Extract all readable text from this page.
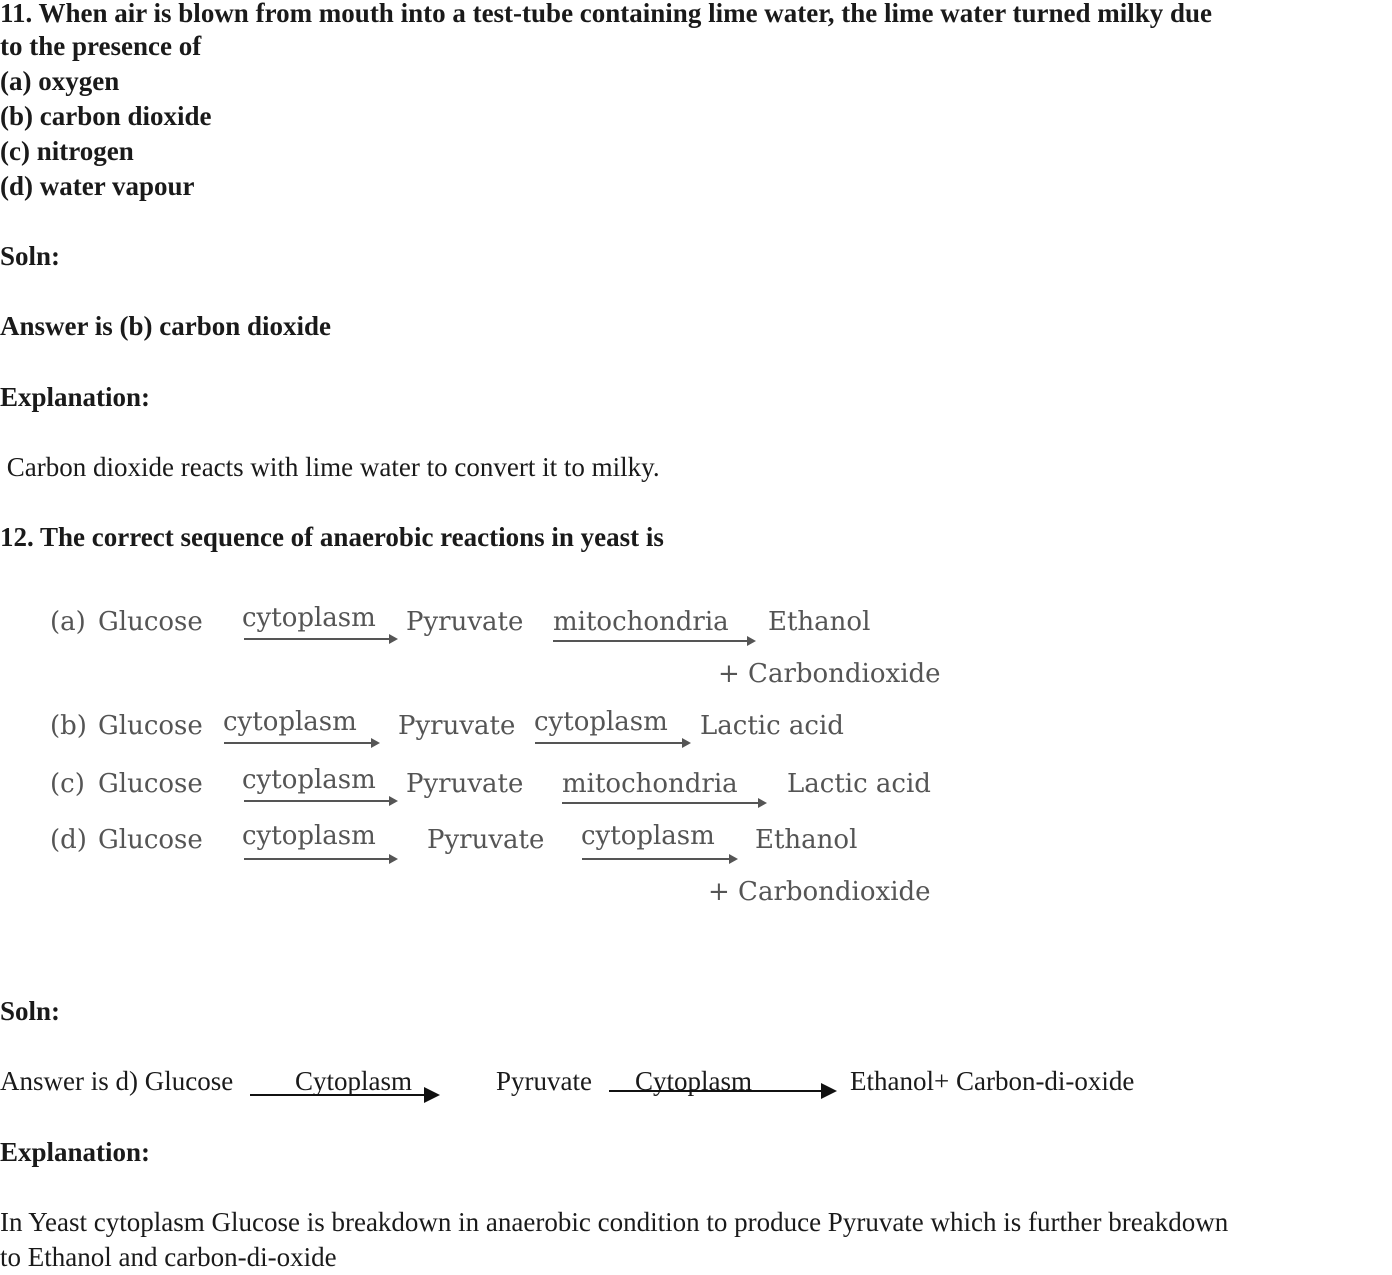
11. When air is blown from mouth into a test-tube containing lime water, the lime water turned milky due
to the presence of
(a) oxygen
(b) carbon dioxide
(c) nitrogen
(d) water vapour
Soln:
Answer is (b) carbon dioxide
Explanation:
Carbon dioxide reacts with lime water to convert it to milky.
12. The correct sequence of anaerobic reactions in yeast is
(a) Glucose cytoplasm Pyruvate mitochondria Ethanol
+ Carbondioxide
(b) Glucose cytoplasm Pyruvate cytoplasm Lactic acid
(c) Glucose cytoplasm Pyruvate mitochondria Lactic acid
(d) Glucose cytoplasm Pyruvate cytoplasm Ethanol
+ Carbondioxide
Soln:
Answer is d) Glucose Cytoplasm	Pyruvate Cytoplasm	Ethanol+ Carbon-di-oxide
Explanation:
In Yeast cytoplasm Glucose is breakdown in anaerobic condition to produce Pyruvate which is further breakdown
to Ethanol and carbon-di-oxide
